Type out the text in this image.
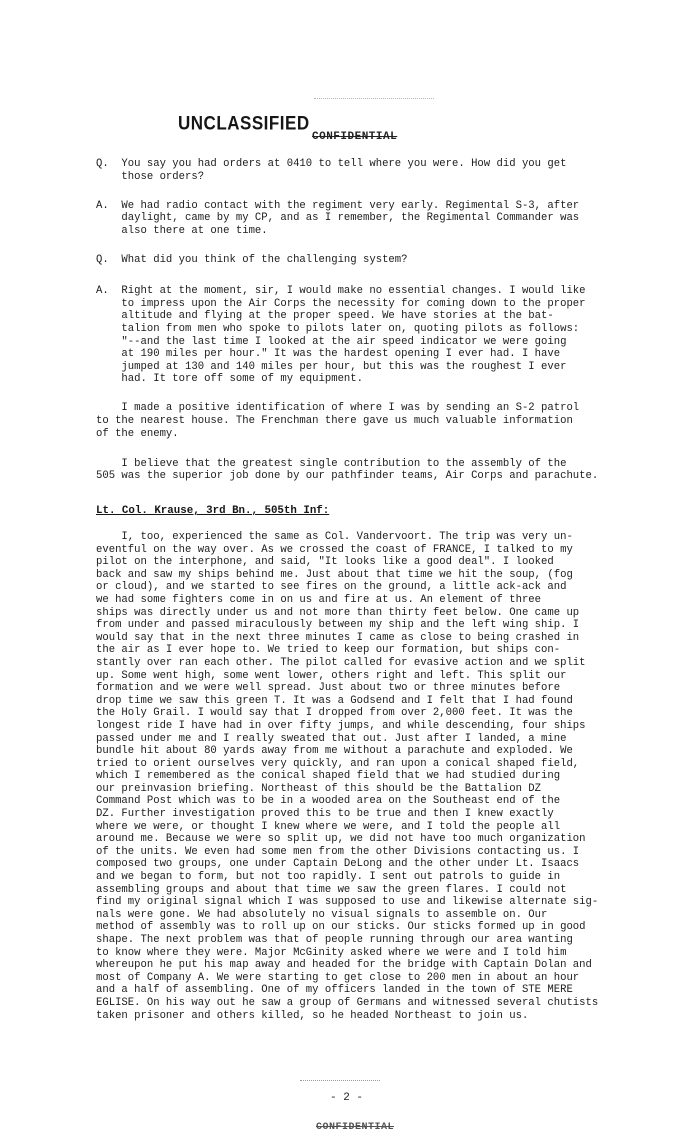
UNCLASSIFIED
CONFIDENTIAL
Q.  You say you had orders at 0410 to tell where you were. How did you get
those orders?
A.  We had radio contact with the regiment very early. Regimental S-3, after
daylight, came by my CP, and as I remember, the Regimental Commander was
also there at one time.
Q.  What did you think of the challenging system?
A.  Right at the moment, sir, I would make no essential changes. I would like
to impress upon the Air Corps the necessity for coming down to the proper
altitude and flying at the proper speed. We have stories at the bat-
talion from men who spoke to pilots later on, quoting pilots as follows:
"--and the last time I looked at the air speed indicator we were going
at 190 miles per hour." It was the hardest opening I ever had. I have
jumped at 130 and 140 miles per hour, but this was the roughest I ever
had. It tore off some of my equipment.
I made a positive identification of where I was by sending an S-2 patrol
to the nearest house. The Frenchman there gave us much valuable information
of the enemy.
I believe that the greatest single contribution to the assembly of the
505 was the superior job done by our pathfinder teams, Air Corps and parachute.
Lt. Col. Krause, 3rd Bn., 505th Inf:
I, too, experienced the same as Col. Vandervoort. The trip was very un-
eventful on the way over. As we crossed the coast of FRANCE, I talked to my
pilot on the interphone, and said, "It looks like a good deal". I looked
back and saw my ships behind me. Just about that time we hit the soup, (fog
or cloud), and we started to see fires on the ground, a little ack-ack and
we had some fighters come in on us and fire at us. An element of three
ships was directly under us and not more than thirty feet below. One came up
from under and passed miraculously between my ship and the left wing ship. I
would say that in the next three minutes I came as close to being crashed in
the air as I ever hope to. We tried to keep our formation, but ships con-
stantly over ran each other. The pilot called for evasive action and we split
up. Some went high, some went lower, others right and left. This split our
formation and we were well spread. Just about two or three minutes before
drop time we saw this green T. It was a Godsend and I felt that I had found
the Holy Grail. I would say that I dropped from over 2,000 feet. It was the
longest ride I have had in over fifty jumps, and while descending, four ships
passed under me and I really sweated that out. Just after I landed, a mine
bundle hit about 80 yards away from me without a parachute and exploded. We
tried to orient ourselves very quickly, and ran upon a conical shaped field,
which I remembered as the conical shaped field that we had studied during
our preinvasion briefing. Northeast of this should be the Battalion DZ
Command Post which was to be in a wooded area on the Southeast end of the
DZ. Further investigation proved this to be true and then I knew exactly
where we were, or thought I knew where we were, and I told the people all
around me. Because we were so split up, we did not have too much organization
of the units. We even had some men from the other Divisions contacting us. I
composed two groups, one under Captain DeLong and the other under Lt. Isaacs
and we began to form, but not too rapidly. I sent out patrols to guide in
assembling groups and about that time we saw the green flares. I could not
find my original signal which I was supposed to use and likewise alternate sig-
nals were gone. We had absolutely no visual signals to assemble on. Our
method of assembly was to roll up on our sticks. Our sticks formed up in good
shape. The next problem was that of people running through our area wanting
to know where they were. Major McGinity asked where we were and I told him
whereupon he put his map away and headed for the bridge with Captain Dolan and
most of Company A. We were starting to get close to 200 men in about an hour
and a half of assembling. One of my officers landed in the town of STE MERE
EGLISE. On his way out he saw a group of Germans and witnessed several chutists
taken prisoner and others killed, so he headed Northeast to join us.
- 2 -
CONFIDENTIAL
